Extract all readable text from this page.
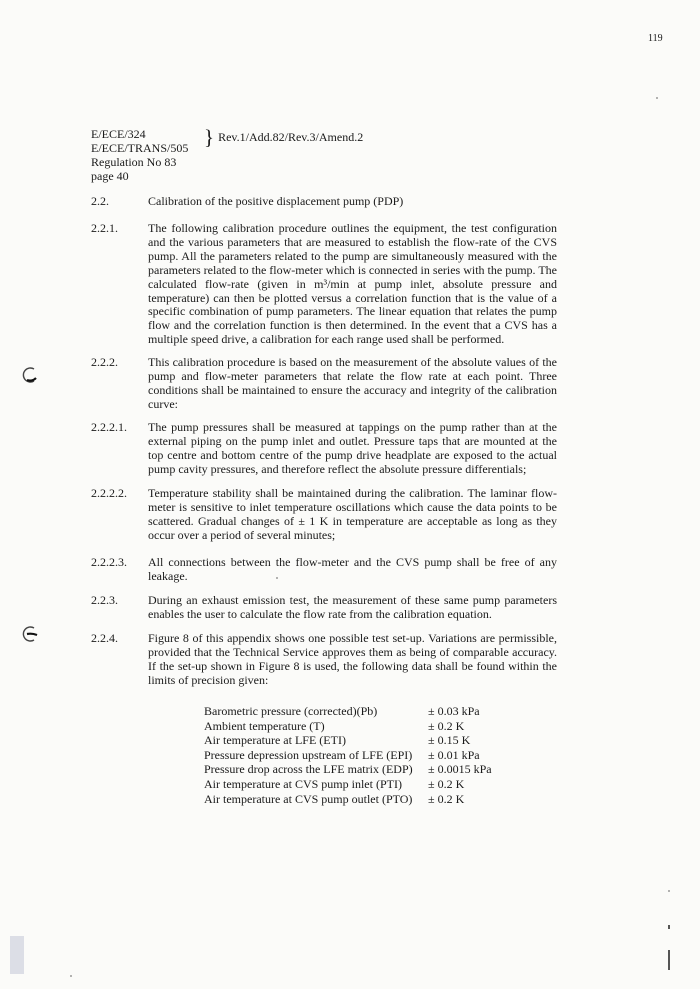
119
E/ECE/324
E/ECE/TRANS/505
Regulation No 83
page 40
} Rev.1/Add.82/Rev.3/Amend.2
2.2.	Calibration of the positive displacement pump (PDP)
2.2.1.	The following calibration procedure outlines the equipment, the test configuration and the various parameters that are measured to establish the flow-rate of the CVS pump. All the parameters related to the pump are simultaneously measured with the parameters related to the flow-meter which is connected in series with the pump. The calculated flow-rate (given in m³/min at pump inlet, absolute pressure and temperature) can then be plotted versus a correlation function that is the value of a specific combination of pump parameters. The linear equation that relates the pump flow and the correlation function is then determined. In the event that a CVS has a multiple speed drive, a calibration for each range used shall be performed.
2.2.2.	This calibration procedure is based on the measurement of the absolute values of the pump and flow-meter parameters that relate the flow rate at each point. Three conditions shall be maintained to ensure the accuracy and integrity of the calibration curve:
2.2.2.1. The pump pressures shall be measured at tappings on the pump rather than at the external piping on the pump inlet and outlet. Pressure taps that are mounted at the top centre and bottom centre of the pump drive headplate are exposed to the actual pump cavity pressures, and therefore reflect the absolute pressure differentials;
2.2.2.2. Temperature stability shall be maintained during the calibration. The laminar flow-meter is sensitive to inlet temperature oscillations which cause the data points to be scattered. Gradual changes of ± 1 K in temperature are acceptable as long as they occur over a period of several minutes;
2.2.2.3. All connections between the flow-meter and the CVS pump shall be free of any leakage.
2.2.3.	During an exhaust emission test, the measurement of these same pump parameters enables the user to calculate the flow rate from the calibration equation.
2.2.4.	Figure 8 of this appendix shows one possible test set-up. Variations are permissible, provided that the Technical Service approves them as being of comparable accuracy. If the set-up shown in Figure 8 is used, the following data shall be found within the limits of precision given:
Barometric pressure (corrected)(Pb)	± 0.03 kPa
Ambient temperature (T)	± 0.2 K
Air temperature at LFE (ETI)	± 0.15 K
Pressure depression upstream of LFE (EPI)	± 0.01 kPa
Pressure drop across the LFE matrix (EDP)	± 0.0015 kPa
Air temperature at CVS pump inlet (PTI)	± 0.2 K
Air temperature at CVS pump outlet (PTO)	± 0.2 K
